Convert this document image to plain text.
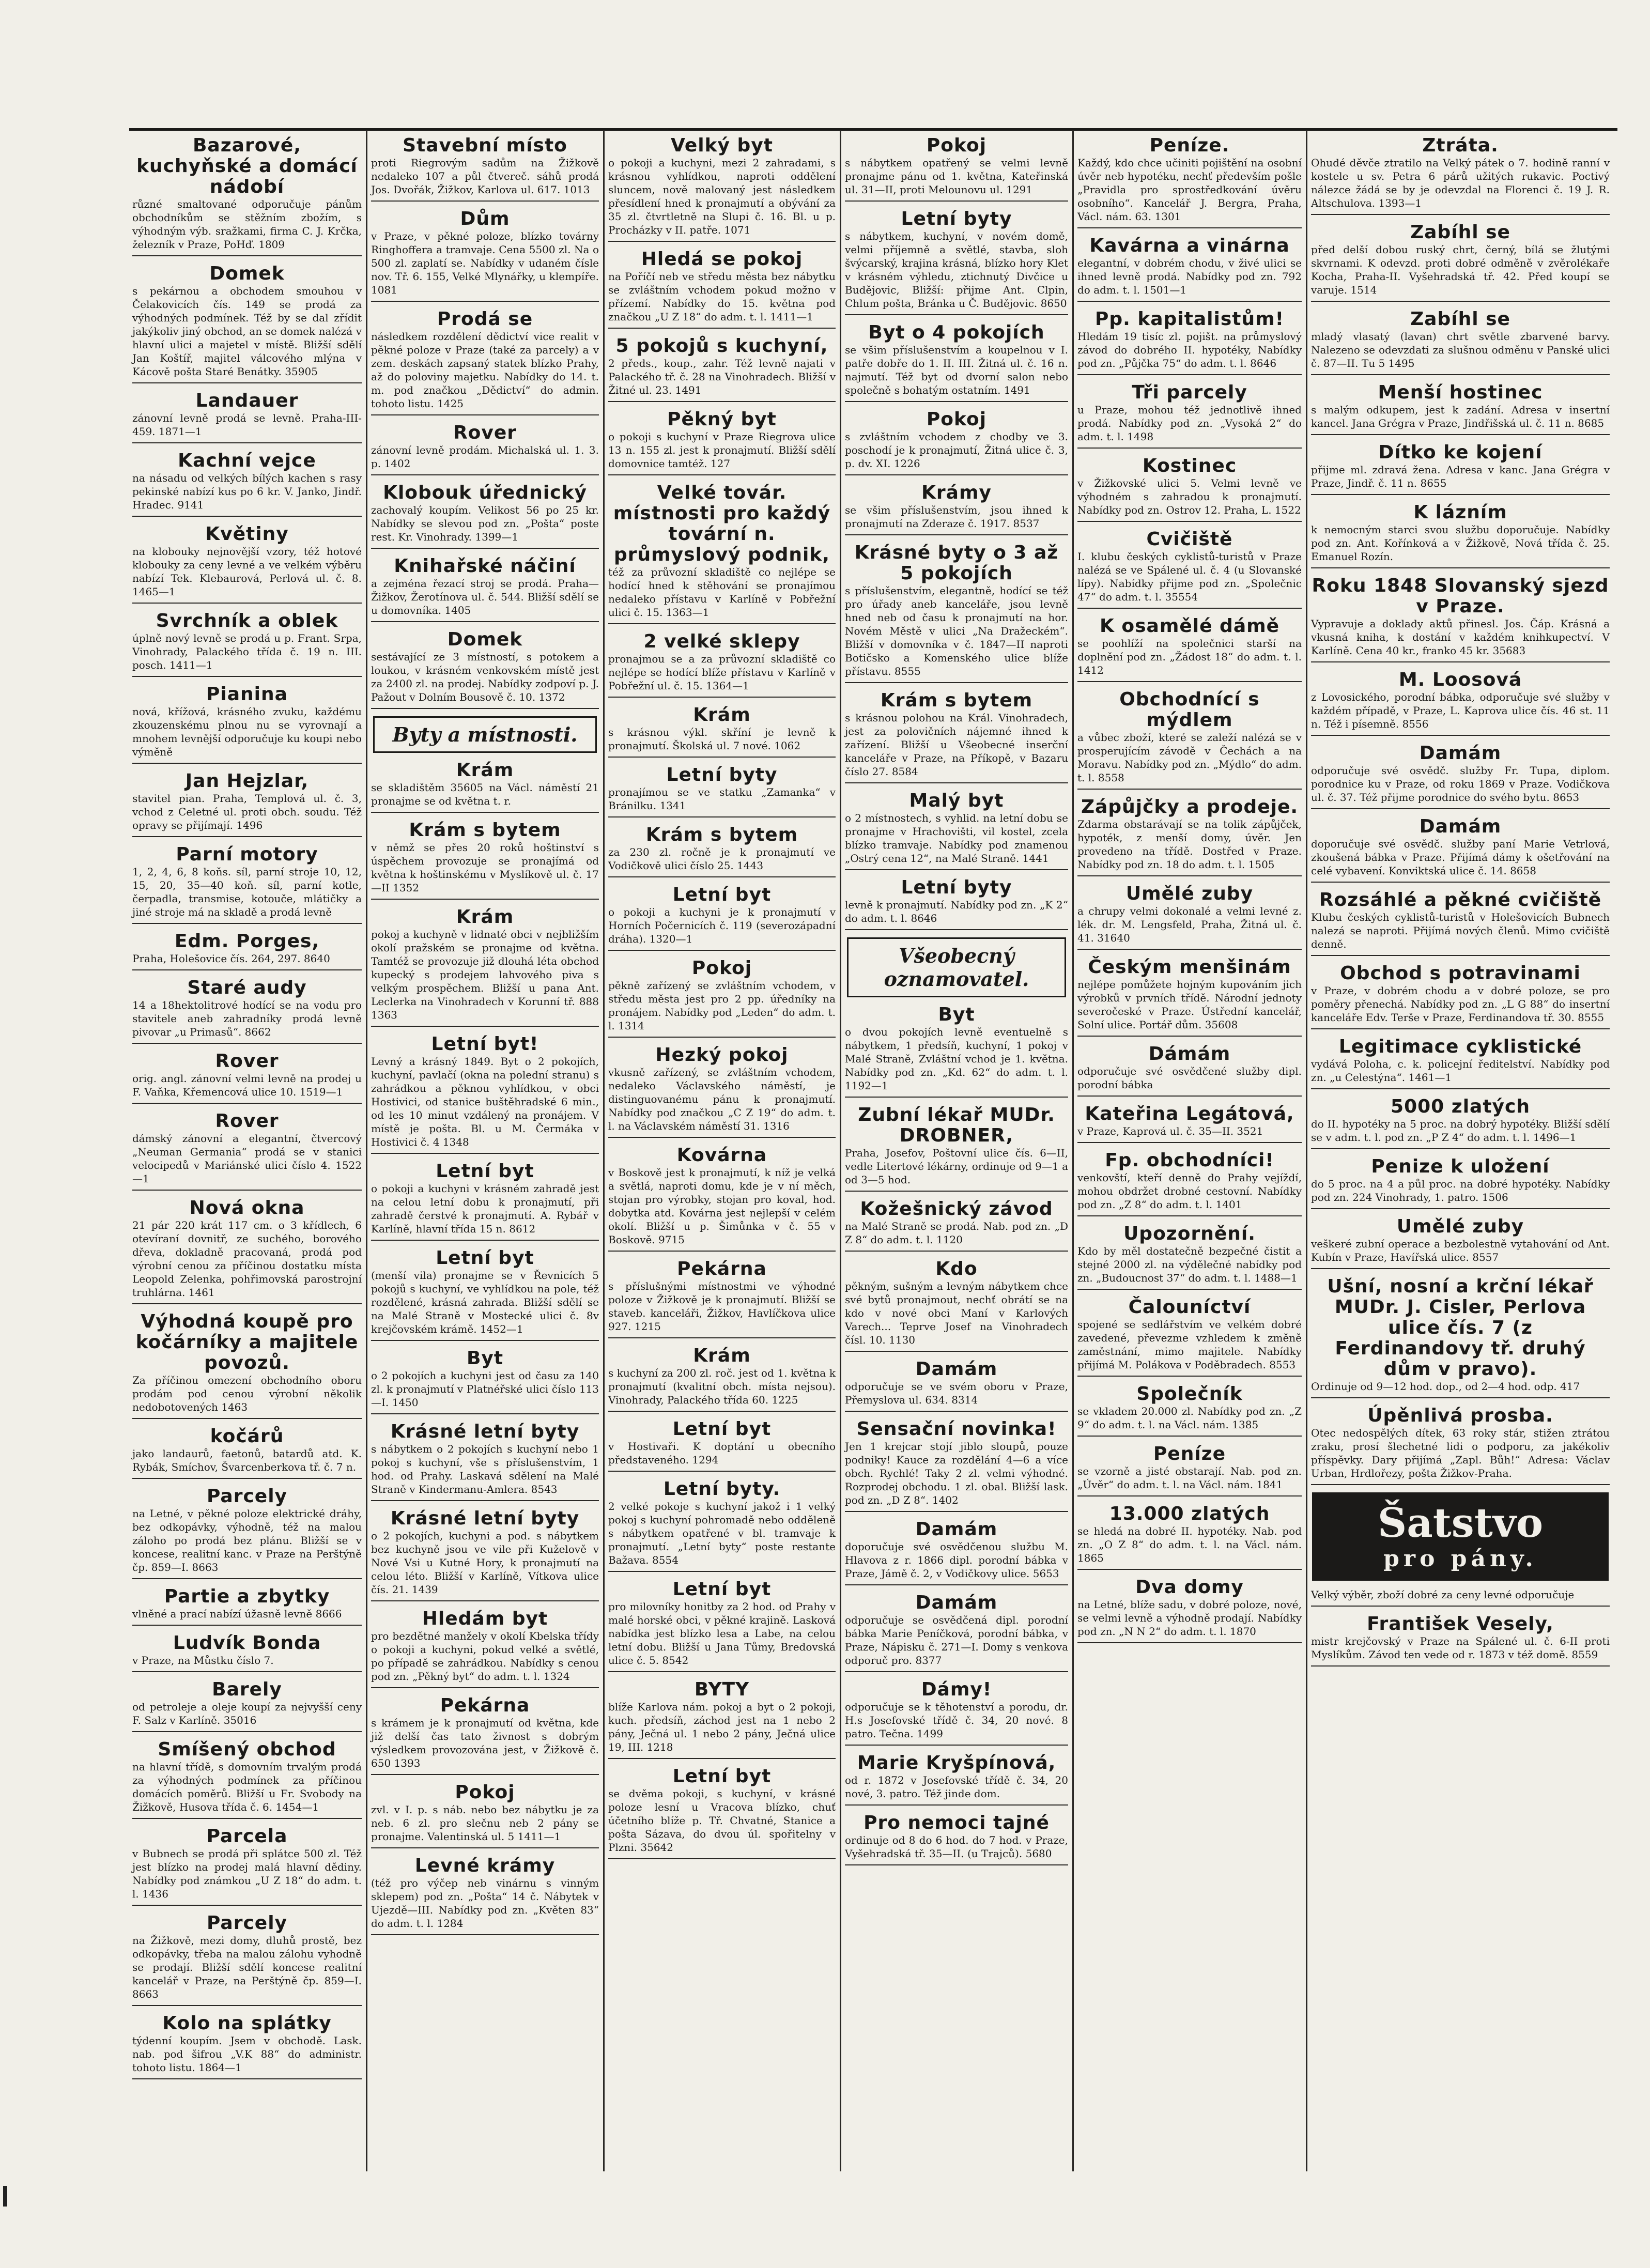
Bazarové, kuchyňské a domácí nádobí
různé smaltované odporučuje pánům obchodníkům se stěžním zbožím, s výhodným výb. sražkami, firma C. J. Krčka, železník v Praze, PoHď. 1809
Domek
s pekárnou a obchodem smouhou v Čelakovicích čís. 149 se prodá za výhodných podmínek. Též by se dal zřídit jakýkoliv jiný obchod, an se domek nalézá v hlavní ulici a majetel v místě. Bližší sdělí Jan Koštíř, majitel válcového mlýna v Kácově pošta Staré Benátky. 35905
Landauer
zánovní levně prodá se levně. Praha-III-459. 1871—1
Kachní vejce
na násadu od velkých bílých kachen s rasy pekinské nabízí kus po 6 kr. V. Janko, Jindř. Hradec. 9141
Květiny
na klobouky nejnovější vzory, též hotové klobouky za ceny levné a ve velkém výběru nabízí Tek. Klebaurová, Perlová ul. č. 8. 1465—1
Svrchník a oblek
úplně nový levně se prodá u p. Frant. Srpa, Vinohrady, Palackého třída č. 19 n. III. posch. 1411—1
Pianina
nová, křížová, krásného zvuku, každému zkouzenskému plnou nu se vyrovnají a mnohem levnější odporučuje ku koupi nebo výměně
Jan Hejzlar,
stavitel pian. Praha, Templová ul. č. 3, vchod z Celetné ul. proti obch. soudu. Též opravy se přijímají. 1496
Parní motory
1, 2, 4, 6, 8 koňs. síl, parní stroje 10, 12, 15, 20, 35—40 koň. síl, parní kotle, čerpadla, transmise, kotouče, mlátičky a jiné stroje má na skladě a prodá levně
Edm. Porges,
Praha, Holešovice čís. 264, 297. 8640
Staré audy
14 a 18hektolitrové hodící se na vodu pro stavitele aneb zahradníky prodá levně pivovar „u Primasů“. 8662
Rover
orig. angl. zánovní velmi levně na prodej u F. Vaňka, Křemencová ulice 10. 1519—1
Rover
dámský zánovní a elegantní, čtvercový „Neuman Germania“ prodá se v stanici velocipedů v Mariánské ulici číslo 4. 1522—1
Nová okna
21 pár 220 krát 117 cm. o 3 křídlech, 6 otevíraní dovnitř, ze suchého, borového dřeva, dokladně pracovaná, prodá pod výrobní cenou za příčinou dostatku místa Leopold Zelenka, pohřimovská parostrojní truhlárna. 1461
Výhodná koupě pro kočárníky a majitele povozů.
Za příčinou omezení obchodního oboru prodám pod cenou výrobní několik nedobotovených 1463
kočárů
jako landaurů, faetonů, batardů atd. K. Rybák, Smíchov, Švarcenberkova tř. č. 7 n.
Parcely
na Letné, v pěkné poloze elektrické dráhy, bez odkopávky, výhodně, též na malou záloho po prodá bez plánu. Bližší se v koncese, realitní kanc. v Praze na Perštýně čp. 859—I. 8663
Partie a zbytky
vlněné a prací nabízí úžasně levně 8666
Ludvík Bonda
v Praze, na Můstku číslo 7.
Barely
od petroleje a oleje koupí za nejvyšší ceny F. Salz v Karlíně. 35016
Smíšený obchod
na hlavní třídě, s domovním trvalým prodá za výhodných podmínek za příčinou domácích poměrů. Bližší u Fr. Svobody na Žižkově, Husova třída č. 6. 1454—1
Parcela
v Bubnech se prodá při splátce 500 zl. Též jest blízko na prodej malá hlavní dědiny. Nabídky pod známkou „U Z 18“ do adm. t. l. 1436
Parcely
na Žižkově, mezi domy, dluhů prostě, bez odkopávky, třeba na malou zálohu vyhodně se prodají. Bližší sdělí koncese realitní kancelář v Praze, na Perštýně čp. 859—I. 8663
Kolo na splátky
týdenní koupím. Jsem v obchodě. Lask. nab. pod šifrou „V.K 88“ do administr. tohoto listu. 1864—1
Stavební místo
proti Riegrovým sadům na Žižkově nedaleko 107 a půl čtvereč. sáhů prodá Jos. Dvořák, Žižkov, Karlova ul. 617. 1013
Dům
v Praze, v pěkné poloze, blízko továrny Ringhoffera a tramvaje. Cena 5500 zl. Na o 500 zl. zaplatí se. Nabídky v udaném čísle nov. Tř. 6. 155, Velké Mlynářky, u klempíře. 1081
Prodá se
následkem rozdělení dědictví vice realit v pěkné poloze v Praze (také za parcely) a v zem. deskách zapsaný statek blízko Prahy, až do poloviny majetku. Nabídky do 14. t. m. pod značkou „Dědictví“ do admin. tohoto listu. 1425
Rover
zánovní levně prodám. Michalská ul. 1. 3. p. 1402
Klobouk úřednický
zachovalý koupím. Velikost 56 po 25 kr. Nabídky se slevou pod zn. „Pošta“ poste rest. Kr. Vinohrady. 1399—1
Knihařské náčiní
a zejména řezací stroj se prodá. Praha—Žižkov, Žerotínova ul. č. 544. Bližší sdělí se u domovníka. 1405
Domek
sestávající ze 3 místností, s potokem a loukou, v krásném venkovském místě jest za 2400 zl. na prodej. Nabídky zodpoví p. J. Pažout v Dolním Bousově č. 10. 1372
Byty a místnosti.
Krám
se skladištěm 35605 na Václ. náměstí 21 pronajme se od května t. r.
Krám s bytem
v němž se přes 20 roků hoštinství s úspěchem provozuje se pronajímá od května k hoštinskému v Myslíkově ul. č. 17—II 1352
Krám
pokoj a kuchyně v lidnaté obci v nejbližším okolí pražském se pronajme od května. Tamtéž se provozuje již dlouhá léta obchod kupecký s prodejem lahvového piva s velkým prospěchem. Bližší u pana Ant. Leclerka na Vinohradech v Korunní tř. 888 1363
Letní byt!
Levný a krásný 1849. Byt o 2 pokojích, kuchyní, pavlačí (okna na polední stranu) s zahrádkou a pěknou vyhlídkou, v obci Hostivici, od stanice buštěhradské 6 min., od les 10 minut vzdálený na pronájem. V místě je pošta. Bl. u M. Čermáka v Hostivici č. 4 1348
Letní byt
o pokoji a kuchyni v krásném zahradě jest na celou letní dobu k pronajmutí, při zahradě čerstvé k pronajmutí. A. Rybář v Karlíně, hlavní třída 15 n. 8612
Letní byt
(menší vila) pronajme se v Řevnicích 5 pokojů s kuchyní, ve vyhlídkou na pole, též rozdělené, krásná zahrada. Bližší sdělí se na Malé Straně v Mostecké ulici č. 8v krejčovském krámě. 1452—1
Byt
o 2 pokojích a kuchyni jest od času za 140 zl. k pronajmutí v Platnéřské ulici číslo 113—I. 1450
Krásné letní byty
s nábytkem o 2 pokojích s kuchyní nebo 1 pokoj s kuchyní, vše s příslušenstvím, 1 hod. od Prahy. Laskavá sdělení na Malé Straně v Kindermanu-Amlera. 8543
Krásné letní byty
o 2 pokojích, kuchyni a pod. s nábytkem bez kuchyně jsou ve vile při Kuželově v Nové Vsi u Kutné Hory, k pronajmutí na celou léto. Bližší v Karlíně, Vítkova ulice čís. 21. 1439
Hledám byt
pro bezdětné manžely v okolí Kbelska třídy o pokoji a kuchyni, pokud velké a světlé, po případě se zahrádkou. Nabídky s cenou pod zn. „Pěkný byt“ do adm. t. l. 1324
Pekárna
s krámem je k pronajmutí od května, kde již delší čas tato živnost s dobrým výsledkem provozována jest, v Žižkově č. 650 1393
Pokoj
zvl. v I. p. s náb. nebo bez nábytku je za neb. 6 zl. pro slečnu neb 2 pány se pronajme. Valentinská ul. 5 1411—1
Levné krámy
(též pro výčep neb vinárnu s vinným sklepem) pod zn. „Pošta“ 14 č. Nábytek v Ujezdě—III. Nabídky pod zn. „Květen 83“ do adm. t. l. 1284
Velký byt
o pokoji a kuchyni, mezi 2 zahradami, s krásnou vyhlídkou, naproti oddělení sluncem, nově malovaný jest následkem přesídlení hned k pronajmutí a obývání za 35 zl. čtvrtletně na Slupi č. 16. Bl. u p. Procházky v II. patře. 1071
Hledá se pokoj
na Poříčí neb ve středu města bez nábytku se zvláštním vchodem pokud možno v přízemí. Nabídky do 15. května pod značkou „U Z 18“ do adm. t. l. 1411—1
5 pokojů s kuchyní,
2 předs., koup., zahr. Též levně najati v Palackého tř. č. 28 na Vinohradech. Bližší v Žitné ul. 23. 1491
Pěkný byt
o pokoji s kuchyní v Praze Riegrova ulice 13 n. 155 zl. jest k pronajmutí. Bližší sdělí domovnice tamtéž. 127
Velké továr. místnosti pro každý tovární n. průmyslový podnik,
též za průvozní skladiště co nejlépe se hodící hned k stěhování se pronajímou nedaleko přístavu v Karlíně v Pobřežní ulici č. 15. 1363—1
2 velké sklepy
pronajmou se a za průvozní skladiště co nejlépe se hodící blíže přístavu v Karlíně v Pobřežní ul. č. 15. 1364—1
Krám
s krásnou výkl. skříní je levně k pronajmutí. Školská ul. 7 nové. 1062
Letní byty
pronajímou se ve statku „Zamanka“ v Bránilku. 1341
Krám s bytem
za 230 zl. ročně je k pronajmutí ve Vodičkově ulici číslo 25. 1443
Letní byt
o pokoji a kuchyni je k pronajmutí v Horních Počernicích č. 119 (severozápadní dráha). 1320—1
Pokoj
pěkně zařízený se zvláštním vchodem, v středu města jest pro 2 pp. úředníky na pronájem. Nabídky pod „Leden“ do adm. t. l. 1314
Hezký pokoj
vkusně zařízený, se zvláštním vchodem, nedaleko Václavského náměstí, je distinguovanému pánu k pronajmutí. Nabídky pod značkou „C Z 19“ do adm. t. l. na Václavském náměstí 31. 1316
Kovárna
v Boskově jest k pronajmutí, k níž je velká a světlá, naproti domu, kde je v ní měch, stojan pro výrobky, stojan pro koval, hod. dobytka atd. Kovárna jest nejlepší v celém okolí. Bližší u p. Šimůnka v č. 55 v Boskově. 9715
Pekárna
s příslušnými místnostmi ve výhodné poloze v Žižkově je k pronajmutí. Bližší se staveb. kanceláři, Žižkov, Havlíčkova ulice 927. 1215
Krám
s kuchyní za 200 zl. roč. jest od 1. května k pronajmutí (kvalitní obch. místa nejsou). Vinohrady, Palackého třída 60. 1225
Letní byt
v Hostivaři. K doptání u obecního představeného. 1294
Letní byty.
2 velké pokoje s kuchyní jakož i 1 velký pokoj s kuchyní pohromadě nebo odděleně s nábytkem opatřené v bl. tramvaje k pronajmutí. „Letní byty“ poste restante Bažava. 8554
Letní byt
pro milovníky honitby za 2 hod. od Prahy v malé horské obci, v pěkné krajině. Lasková nabídka jest blízko lesa a Labe, na celou letní dobu. Bližší u Jana Tůmy, Bredovská ulice č. 5. 8542
BYTY
blíže Karlova nám. pokoj a byt o 2 pokoji, kuch. předsíň, záchod jest na 1 nebo 2 pány, Ječná ul. 1 nebo 2 pány, Ječná ulice 19, III. 1218
Letní byt
se dvěma pokoji, s kuchyní, v krásné poloze lesní u Vracova blízko, chuť účetního blíže p. Tř. Chvatné, Stanice a pošta Sázava, do dvou úl. spořitelny v Plzni. 35642
Pokoj
s nábytkem opatřený se velmi levně pronajme pánu od 1. května, Kateřinská ul. 31—II, proti Melounovu ul. 1291
Letní byty
s nábytkem, kuchyní, v novém domě, velmi příjemně a světlé, stavba, sloh švýcarský, krajina krásná, blízko hory Klet v krásném výhledu, ztichnutý Divčice u Budějovic, Bližší: přijme Ant. Clpin, Chlum pošta, Bránka u Č. Budějovic. 8650
Byt o 4 pokojích
se všim příslušenstvím a koupelnou v I. patře dobře do 1. II. III. Žitná ul. č. 16 n. najmutí. Též byt od dvorní salon nebo společně s bohatým ostatním. 1491
Pokoj
s zvláštním vchodem z chodby ve 3. poschodí je k pronajmutí, Žitná ulice č. 3, p. dv. XI. 1226
Krámy
se všim příslušenstvím, jsou ihned k pronajmutí na Zderaze č. 1917. 8537
Krásné byty o 3 až 5 pokojích
s příslušenstvím, elegantně, hodící se též pro úřady aneb kanceláře, jsou levně hned neb od času k pronajmutí na hor. Novém Městě v ulici „Na Dražeckém“. Bližší v domovníka v č. 1847—II naproti Botičsko a Komenského ulice blíže přístavu. 8555
Krám s bytem
s krásnou polohou na Král. Vinohradech, jest za polovičních nájemné ihned k zařízení. Bližší u Všeobecné inserční kanceláře v Praze, na Příkopě, v Bazaru číslo 27. 8584
Malý byt
o 2 místnostech, s vyhlid. na letní dobu se pronajme v Hrachovišti, vil kostel, zcela blízko tramvaje. Nabídky pod znamenou „Ostrý cena 12“, na Malé Straně. 1441
Letní byty
levně k pronajmutí. Nabídky pod zn. „K 2“ do adm. t. l. 8646
Všeobecný oznamovatel.
Byt
o dvou pokojích levně eventuelně s nábytkem, 1 předsíň, kuchyní, 1 pokoj v Malé Straně, Zvláštní vchod je 1. května. Nabídky pod zn. „Kd. 62“ do adm. t. l. 1192—1
Zubní lékař MUDr. DROBNER,
Praha, Josefov, Poštovní ulice čís. 6—II, vedle Litertové lékárny, ordinuje od 9—1 a od 3—5 hod.
Kožešnický závod
na Malé Straně se prodá. Nab. pod zn. „D Z 8“ do adm. t. l. 1120
Kdo
pěkným, sušným a levným nábytkem chce své bytů pronajmout, nechť obrátí se na kdo v nové obci Maní v Karlových Varech... Teprve Josef na Vinohradech čísl. 10. 1130
Damám
odporučuje se ve svém oboru v Praze, Přemyslova ul. 634. 8314
Sensační novinka!
Jen 1 krejcar stojí jiblo sloupů, pouze podniky! Kauce za rozdělání 4—6 a více obch. Rychlé! Taky 2 zl. velmi výhodné. Rozprodej obchodu. 1 zl. obal. Bližší lask. pod zn. „D Z 8“. 1402
Damám
doporučuje své osvědčenou službu M. Hlavova z r. 1866 dipl. porodní bábka v Praze, Jámě č. 2, v Vodičkovy ulice. 5653
Damám
odporučuje se osvědčená dipl. porodní bábka Marie Peníčková, porodní bábka, v Praze, Nápisku č. 271—I. Domy s venkova odporuč pro. 8377
Dámy!
odporučuje se k těhotenství a porodu, dr. H.s Josefovské třídě č. 34, 20 nové. 8 patro. Tečna. 1499
Marie Kryšpínová,
od r. 1872 v Josefovské třídě č. 34, 20 nové, 3. patro. Též jinde dom.
Pro nemoci tajné
ordinuje od 8 do 6 hod. do 7 hod. v Praze, Vyšehradská tř. 35—II. (u Trajců). 5680
Peníze.
Každý, kdo chce učiniti pojištění na osobní úvěr neb hypotéku, nechť především pošle „Pravidla pro sprostředkování úvěru osobního“. Kancelář J. Bergra, Praha, Václ. nám. 63. 1301
Kavárna a vinárna
elegantní, v dobrém chodu, v živé ulici se ihned levně prodá. Nabídky pod zn. 792 do adm. t. l. 1501—1
Pp. kapitalistům!
Hledám 19 tisíc zl. pojišt. na průmyslový závod do dobrého II. hypotéky, Nabídky pod zn. „Půjčka 75“ do adm. t. l. 8646
Tři parcely
u Praze, mohou též jednotlivě ihned prodá. Nabídky pod zn. „Vysoká 2“ do adm. t. l. 1498
Kostinec
v Žižkovské ulici 5. Velmi levně ve výhodném s zahradou k pronajmutí. Nabídky pod zn. Ostrov 12. Praha, L. 1522
Cvičiště
I. klubu českých cyklistů-turistů v Praze nalézá se ve Spálené ul. č. 4 (u Slovanské lípy). Nabídky přijme pod zn. „Společnic 47“ do adm. t. l. 35554
K osamělé dámě
se poohlíží na společnici starší na doplnění pod zn. „Žádost 18“ do adm. t. l. 1412
Obchodnící s mýdlem
a vůbec zboží, které se zaleží nalézá se v prosperujícím závodě v Čechách a na Moravu. Nabídky pod zn. „Mýdlo“ do adm. t. l. 8558
Zápůjčky a prodeje.
Zdarma obstarávají se na tolik zápůjček, hypoték, z menší domy, úvěr. Jen provedeno na třídě. Dostřed v Praze. Nabídky pod zn. 18 do adm. t. l. 1505
Umělé zuby
a chrupy velmi dokonalé a velmi levné z. lék. dr. M. Lengsfeld, Praha, Žitná ul. č. 41. 31640
Českým menšinám
nejlépe pomůžete hojným kupováním jich výrobků v prvních třídě. Národní jednoty severočeské v Praze. Ústřední kancelář, Solní ulice. Portář dům. 35608
Dámám
odporučuje své osvědčené služby dipl. porodní bábka
Kateřina Legátová,
v Praze, Kaprová ul. č. 35—II. 3521
Fp. obchodníci!
venkovští, kteří denně do Prahy vejíždí, mohou obdržet drobné cestovní. Nabídky pod zn. „Z 8“ do adm. t. l. 1401
Upozornění.
Kdo by měl dostatečně bezpečné čistit a stejné 2000 zl. na výdělečné nabídky pod zn. „Budoucnost 37“ do adm. t. l. 1488—1
Čalouníctví
spojené se sedlářstvím ve velkém dobré zavedené, převezme vzhledem k změně zaměstnání, mimo majitele. Nabídky přijímá M. Polákova v Poděbradech. 8553
Společník
se vkladem 20.000 zl. Nabídky pod zn. „Z 9“ do adm. t. l. na Václ. nám. 1385
Peníze
se vzorně a jisté obstarají. Nab. pod zn. „Úvěr“ do adm. t. l. na Václ. nám. 1841
13.000 zlatých
se hledá na dobré II. hypotéky. Nab. pod zn. „O Z 8“ do adm. t. l. na Václ. nám. 1865
Dva domy
na Letné, blíže sadu, v dobré poloze, nové, se velmi levně a výhodně prodají. Nabídky pod zn. „N N 2“ do adm. t. l. 1870
Ztráta.
Ohudé děvče ztratilo na Velký pátek o 7. hodině ranní v kostele u sv. Petra 6 párů užitých rukavic. Poctivý nálezce žádá se by je odevzdal na Florenci č. 19 J. R. Altschulova. 1393—1
Zabíhl se
před delší dobou ruský chrt, černý, bílá se žlutými skvrnami. K odevzd. proti dobré odměně v zvěrolékaře Kocha, Praha-II. Vyšehradská tř. 42. Před koupí se varuje. 1514
Zabíhl se
mladý vlasatý (lavan) chrt světle zbarvené barvy. Nalezeno se odevzdati za slušnou odměnu v Panské ulici č. 87—II. Tu 5 1495
Menší hostinec
s malým odkupem, jest k zadání. Adresa v insertní kancel. Jana Grégra v Praze, Jindřišská ul. č. 11 n. 8685
Dítko ke kojení
přijme ml. zdravá žena. Adresa v kanc. Jana Grégra v Praze, Jindř. č. 11 n. 8655
K lázním
k nemocným starci svou službu doporučuje. Nabídky pod zn. Ant. Kořínková a v Žižkově, Nová třída č. 25. Emanuel Rozín.
Roku 1848 Slovanský sjezd v Praze.
Vypravuje a doklady aktů přinesl. Jos. Čáp. Krásná a vkusná kniha, k dostání v každém knihkupectví. V Karlíně. Cena 40 kr., franko 45 kr. 35683
M. Loosová
z Lovosického, porodní bábka, odporučuje své služby v každém případě, v Praze, L. Kaprova ulice čís. 46 st. 11 n. Též i písemně. 8556
Damám
odporučuje své osvědč. služby Fr. Tupa, diplom. porodnice ku v Praze, od roku 1869 v Praze. Vodičkova ul. č. 37. Též přijme porodnice do svého bytu. 8653
Damám
doporučuje své osvědč. služby paní Marie Vetrlová, zkoušená bábka v Praze. Přijímá dámy k ošetřování na celé vybavení. Konviktská ulice č. 14. 8658
Rozsáhlé a pěkné cvičiště
Klubu českých cyklistů-turistů v Holešovicích Bubnech nalezá se naproti. Přijímá nových členů. Mimo cvičiště denně.
Obchod s potravinami
v Praze, v dobrém chodu a v dobré poloze, se pro poměry přenechá. Nabídky pod zn. „L G 88“ do insertní kanceláře Edv. Terše v Praze, Ferdinandova tř. 30. 8555
Legitimace cyklistické
vydává Poloha, c. k. policejní ředitelství. Nabídky pod zn. „u Celestýna“. 1461—1
5000 zlatých
do II. hypotéky na 5 proc. na dobrý hypotéky. Bližší sdělí se v adm. t. l. pod zn. „P Z 4“ do adm. t. l. 1496—1
Penize k uložení
do 5 proc. na 4 a půl proc. na dobré hypotéky. Nabídky pod zn. 224 Vinohrady, 1. patro. 1506
Umělé zuby
veškeré zubní operace a bezbolestně vytahování od Ant. Kubín v Praze, Havířská ulice. 8557
Ušní, nosní a krční lékař MUDr. J. Cisler, Perlova ulice čís. 7 (z Ferdinandovy tř. druhý dům v pravo).
Ordinuje od 9—12 hod. dop., od 2—4 hod. odp. 417
Úpěnlivá prosba.
Otec nedospělých dítek, 63 roky stár, stižen ztrátou zraku, prosí šlechetné lidi o podporu, za jakékoliv příspěvky. Dary přijímá „Zapl. Bůh!“ Adresa: Václav Urban, Hrdlořezy, pošta Žižkov-Praha.
Šatstvo
pro pány.
Velký výběr, zboží dobré za ceny levné odporučuje
František Vesely,
mistr krejčovský v Praze na Spálené ul. č. 6-II proti Myslíkům. Závod ten vede od r. 1873 v též domě. 8559
